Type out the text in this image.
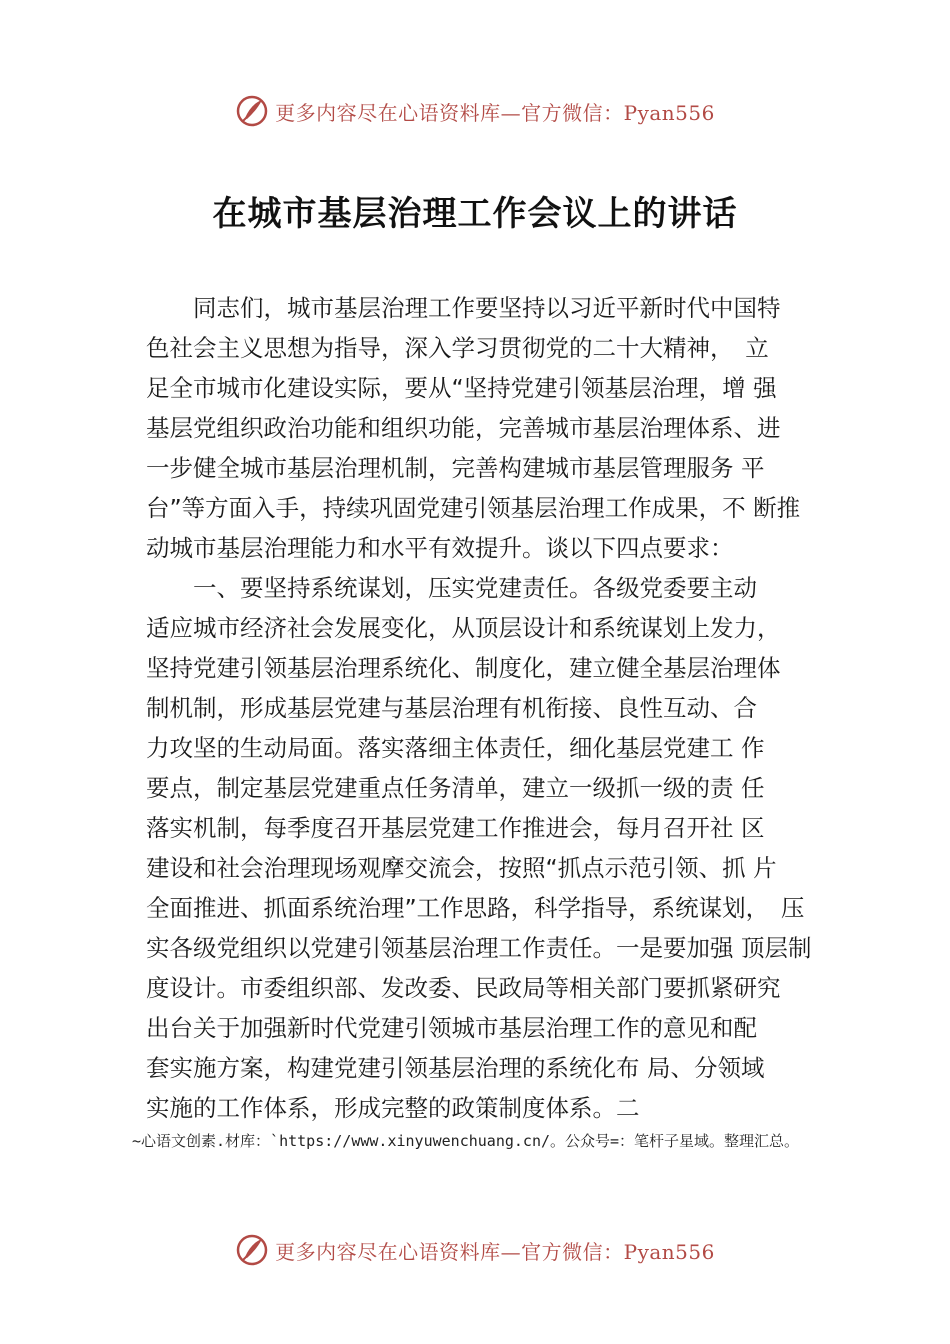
更多内容尽在心语资料库—官方微信：Pyan556
在城市基层治理工作会议上的讲话
　　同志们，城市基层治理工作要坚持以习近平新时代中国特
色社会主义思想为指导，深入学习贯彻党的二十大精神，　立
足全市城市化建设实际，要从“坚持党建引领基层治理，增 强
基层党组织政治功能和组织功能，完善城市基层治理体系、进
一步健全城市基层治理机制，完善构建城市基层管理服务 平
台”等方面入手，持续巩固党建引领基层治理工作成果，不 断推
动城市基层治理能力和水平有效提升。谈以下四点要求：
　　一、要坚持系统谋划，压实党建责任。各级党委要主动
适应城市经济社会发展变化，从顶层设计和系统谋划上发力，
坚持党建引领基层治理系统化、制度化，建立健全基层治理体
制机制，形成基层党建与基层治理有机衔接、良性互动、合
力攻坚的生动局面。落实落细主体责任，细化基层党建工 作
要点，制定基层党建重点任务清单，建立一级抓一级的责 任
落实机制，每季度召开基层党建工作推进会，每月召开社 区
建设和社会治理现场观摩交流会，按照“抓点示范引领、抓 片
全面推进、抓面系统治理”工作思路，科学指导，系统谋划，　压
实各级党组织以党建引领基层治理工作责任。一是要加强 顶层制
度设计。市委组织部、发改委、民政局等相关部门要抓紧研究
出台关于加强新时代党建引领城市基层治理工作的意见和配
套实施方案，构建党建引领基层治理的系统化布 局、分领域
实施的工作体系，形成完整的政策制度体系。二
~心语文创素.材库：`https://www.xinyuwenchuang.cn/。公众号=：笔杆子星域。整理汇总。
更多内容尽在心语资料库—官方微信：Pyan556
